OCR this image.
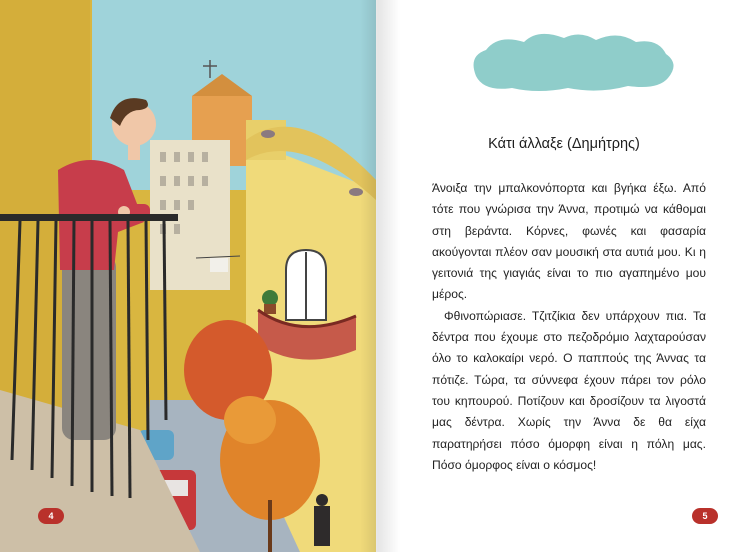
4
Κάτι άλλαξε (Δημήτρης)

Άνοιξα την μπαλκονόπορτα και βγήκα έξω. Από τότε που γνώρισα την Άννα, προτιμώ να κάθομαι στη βεράντα. Κόρνες, φωνές και φασαρία ακούγονται πλέον σαν μουσική στα αυτιά μου. Κι η γειτονιά της γιαγιάς είναι το πιο αγαπημένο μου μέρος.

Φθινοπώριασε. Τζιτζίκια δεν υπάρχουν πια. Τα δέντρα που έχουμε στο πεζοδρόμιο λαχταρούσαν όλο το καλοκαίρι νερό. Ο παππούς της Άννας τα πότιζε. Τώρα, τα σύννεφα έχουν πάρει τον ρόλο του κηπουρού. Ποτίζουν και δροσίζουν τα λιγοστά μας δέντρα. Χωρίς την Άννα δε θα είχα παρατηρήσει πόσο όμορφη είναι η πόλη μας. Πόσο όμορφος είναι ο κόσμος!

5
